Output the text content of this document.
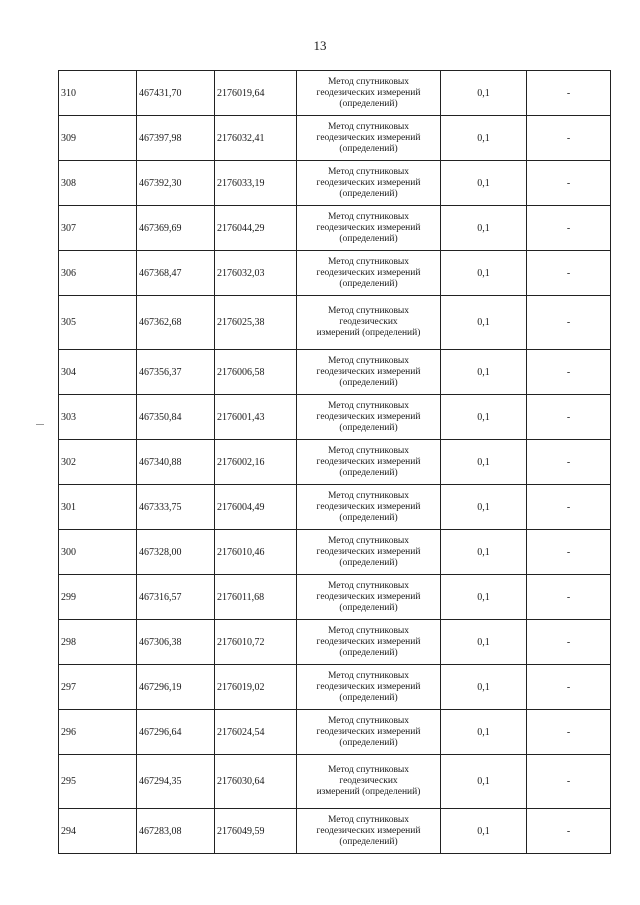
13
310	467431,70	2176019,64	Метод спутниковых
геодезических измерений
(определений)	0,1	-
309	467397,98	2176032,41	Метод спутниковых
геодезических измерений
(определений)	0,1	-
308	467392,30	2176033,19	Метод спутниковых
геодезических измерений
(определений)	0,1	-
307	467369,69	2176044,29	Метод спутниковых
геодезических измерений
(определений)	0,1	-
306	467368,47	2176032,03	Метод спутниковых
геодезических измерений
(определений)	0,1	-
305	467362,68	2176025,38	Метод спутниковых
геодезических
измерений (определений)	0,1	-
304	467356,37	2176006,58	Метод спутниковых
геодезических измерений
(определений)	0,1	-
303	467350,84	2176001,43	Метод спутниковых
геодезических измерений
(определений)	0,1	-
302	467340,88	2176002,16	Метод спутниковых
геодезических измерений
(определений)	0,1	-
301	467333,75	2176004,49	Метод спутниковых
геодезических измерений
(определений)	0,1	-
300	467328,00	2176010,46	Метод спутниковых
геодезических измерений
(определений)	0,1	-
299	467316,57	2176011,68	Метод спутниковых
геодезических измерений
(определений)	0,1	-
298	467306,38	2176010,72	Метод спутниковых
геодезических измерений
(определений)	0,1	-
297	467296,19	2176019,02	Метод спутниковых
геодезических измерений
(определений)	0,1	-
296	467296,64	2176024,54	Метод спутниковых
геодезических измерений
(определений)	0,1	-
295	467294,35	2176030,64	Метод спутниковых
геодезических
измерений (определений)	0,1	-
294	467283,08	2176049,59	Метод спутниковых
геодезических измерений
(определений)	0,1	-
